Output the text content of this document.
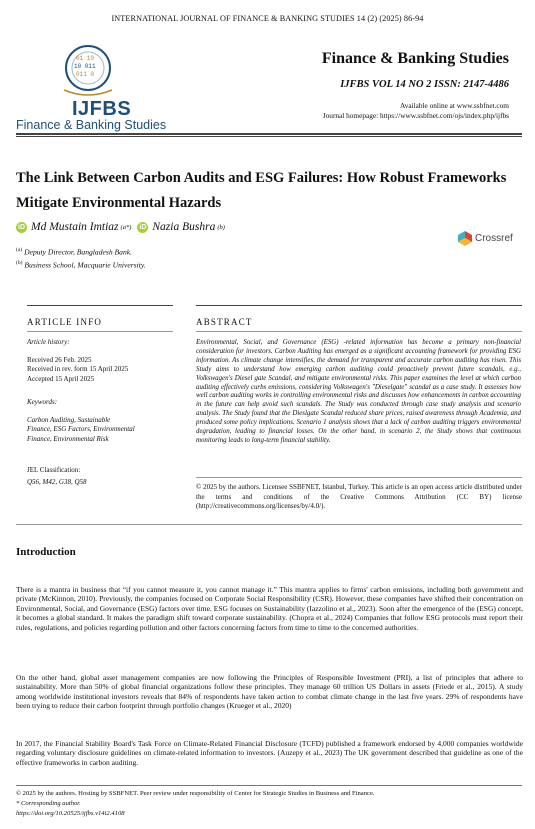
INTERNATIONAL JOURNAL OF FINANCE & BANKING STUDIES 14 (2) (2025) 86-94
01 10
10 011
011 0
IJFBS
Finance & Banking Studies
Finance & Banking Studies
IJFBS VOL 14 NO 2 ISSN: 2147-4486
Available online at www.ssbfnet.com
Journal homepage: https://www.ssbfnet.com/ojs/index.php/ijfbs
The Link Between Carbon Audits and ESG Failures: How Robust Frameworks Mitigate Environmental Hazards
iD Md Mustain Imtiaz (a*) iD Nazia Bushra (b)
$^{(a)}$ Deputy Director, Bangladesh Bank.
$^{(b)}$ Business School, Macquarie University.
Crossref
ARTICLE INFO	ABSTRACT
Article history:
Received 26 Feb. 2025
Received in rev. form 15 April 2025
Accepted 15 April 2025
Keywords:
Carbon Auditing, Sustainable
Finance, ESG Factors, Environmental
Finance, Environmental Risk
JEL Classification:
Q56, M42, G38, Q58
Environmental, Social, and Governance (ESG) -related information has become a primary non-financial consideration for investors. Carbon Auditing has emerged as a significant accounting framework for providing ESG information. As climate change intensifies, the demand for transparent and accurate carbon auditing has risen. This Study aims to understand how emerging carbon auditing could proactively prevent future scandals, e.g., Volkswagen's Diesel gate Scandal, and mitigate environmental risks. This paper examines the level at which carbon auditing effectively curbs emissions, considering Volkswagen's "Dieselgate" scandal as a case study. It assesses how well carbon auditing works in controlling environmental risks and discusses how enhancements in carbon accounting in the future can help avoid such scandals. The Study was conducted through case study analysis and scenario analysis. The Study found that the Dieslgate Scandal reduced share prices, raised awareness through Academia, and produced some policy implications. Scenario 1 analysis shows that a lack of carbon auditing triggers environmental degradation, leading to financial losses. On the other hand, in scenario 2, the Study shows that continuous monitoring leads to long-term financial stability.
© 2025 by the authors. Licensee SSBFNET, Istanbul, Turkey. This article is an open access article distributed under the terms and conditions of the Creative Commons Attribution (CC BY) license (http://creativecommons.org/licenses/by/4.0/).
Introduction
There is a mantra in business that “if you cannot measure it, you cannot manage it.” This mantra applies to firms' carbon emissions, including both government and private (McKinnon, 2010). Previously, the companies focused on Corporate Social Responsibility (CSR). However, these companies have shifted their concentration on Environmental, Social, and Governance (ESG) factors over time. ESG focuses on Sustainability (Iazzolino et al., 2023). Soon after the emergence of the (ESG) concept, it becomes a global standard. It makes the paradigm shift toward corporate sustainability. (Chopra et al., 2024) Companies that follow ESG protocols must report their rules, regulations, and policies regarding pollution and other factors concerning factors from time to time to the concerned authorities.
On the other hand, global asset management companies are now following the Principles of Responsible Investment (PRI), a list of principles that adhere to sustainability. More than 50% of global financial organizations follow these principles. They manage 60 trillion US Dollars in assets (Friede et al., 2015). A study among worldwide institutional investors reveals that 84% of respondents have taken action to combat climate change in the last five years. 29% of respondents have been trying to reduce their carbon footprint through portfolio changes (Krueger et al., 2020)
In 2017, the Financial Stability Board's Task Force on Climate-Related Financial Disclosure (TCFD) published a framework endorsed by 4,000 companies worldwide regarding voluntary disclosure guidelines on climate-related information to investors. (Auzepy et al., 2023) The UK government described that guideline as one of the effective frameworks in carbon auditing.
© 2025 by the authors. Hosting by SSBFNET. Peer review under responsibility of Center for Strategic Studies in Business and Finance.
* Corresponding author.
https://doi.org/10.20525/ijfbs.v14i2.4108
